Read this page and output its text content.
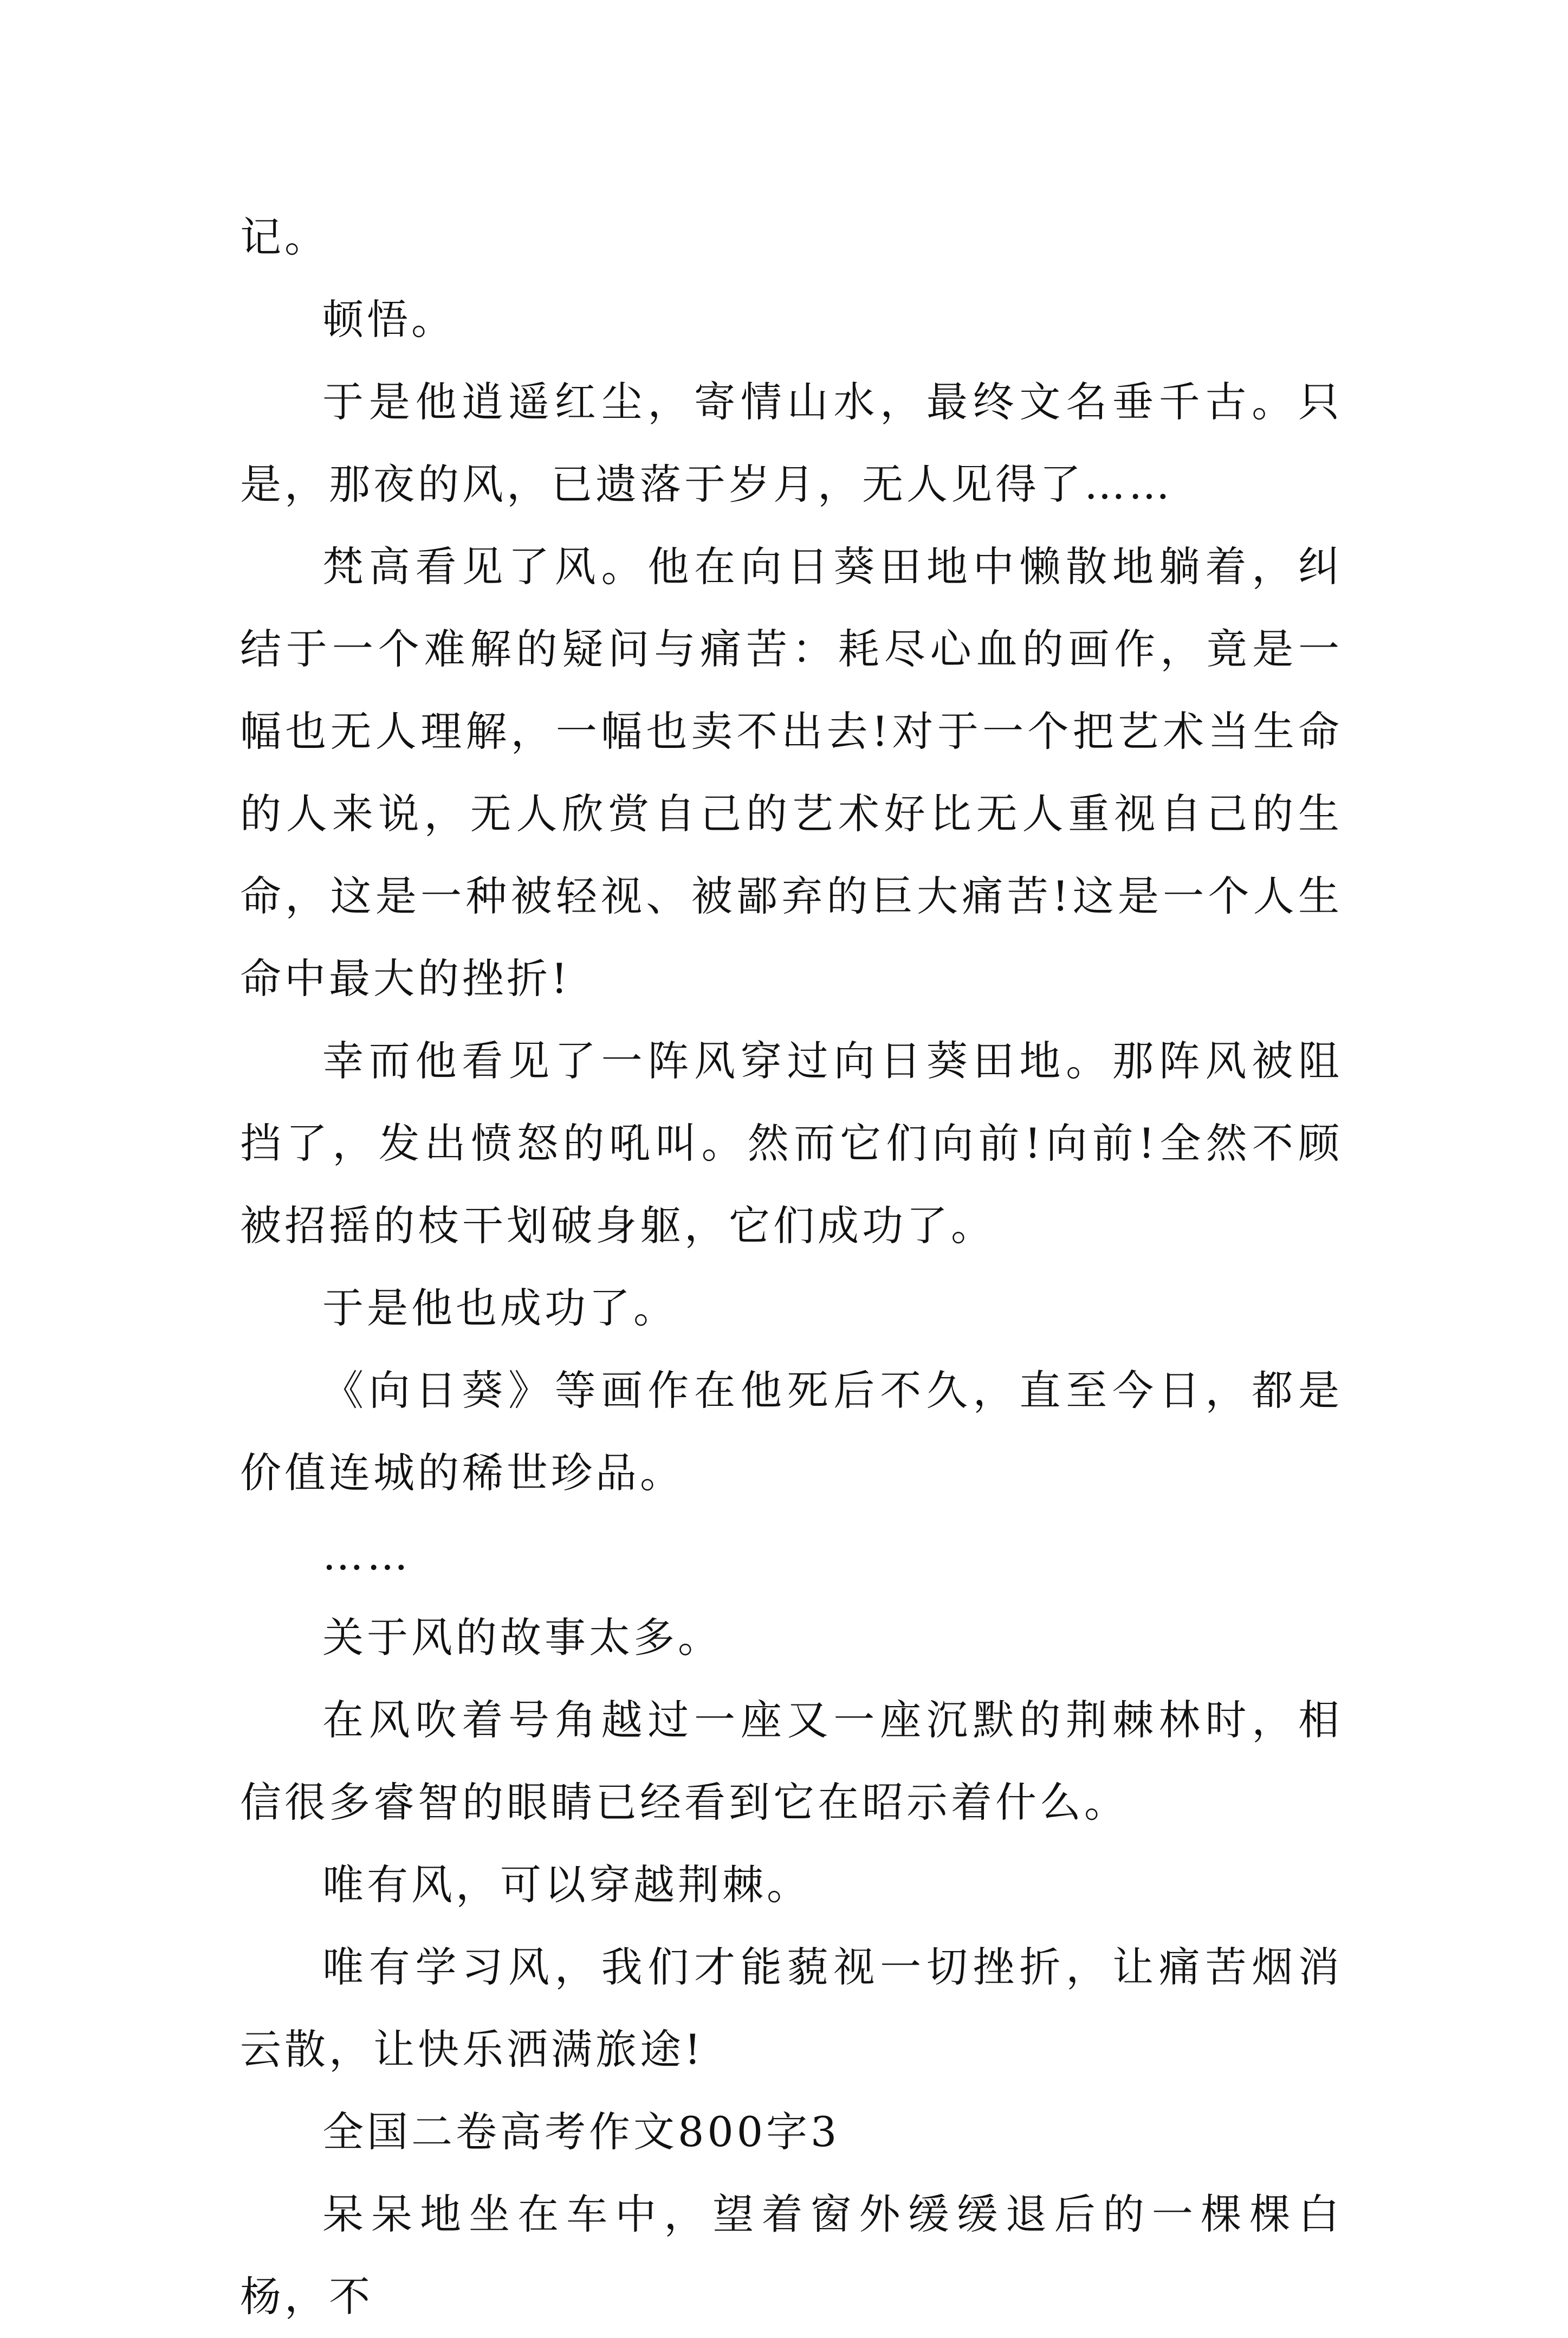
记。

顿悟。

于是他逍遥红尘，寄情山水，最终文名垂千古。只是，那夜的风，已遗落于岁月，无人见得了……

梵高看见了风。他在向日葵田地中懒散地躺着，纠结于一个难解的疑问与痛苦：耗尽心血的画作，竟是一幅也无人理解，一幅也卖不出去!对于一个把艺术当生命的人来说，无人欣赏自己的艺术好比无人重视自己的生命，这是一种被轻视、被鄙弃的巨大痛苦!这是一个人生命中最大的挫折!

幸而他看见了一阵风穿过向日葵田地。那阵风被阻挡了，发出愤怒的吼叫。然而它们向前!向前!全然不顾被招摇的枝干划破身躯，它们成功了。

于是他也成功了。

《向日葵》等画作在他死后不久，直至今日，都是价值连城的稀世珍品。

……

关于风的故事太多。

在风吹着号角越过一座又一座沉默的荆棘林时，相信很多睿智的眼睛已经看到它在昭示着什么。

唯有风，可以穿越荆棘。

唯有学习风，我们才能藐视一切挫折，让痛苦烟消云散，让快乐洒满旅途!

全国二卷高考作文800字3

呆呆地坐在车中，望着窗外缓缓退后的一棵棵白杨，不
